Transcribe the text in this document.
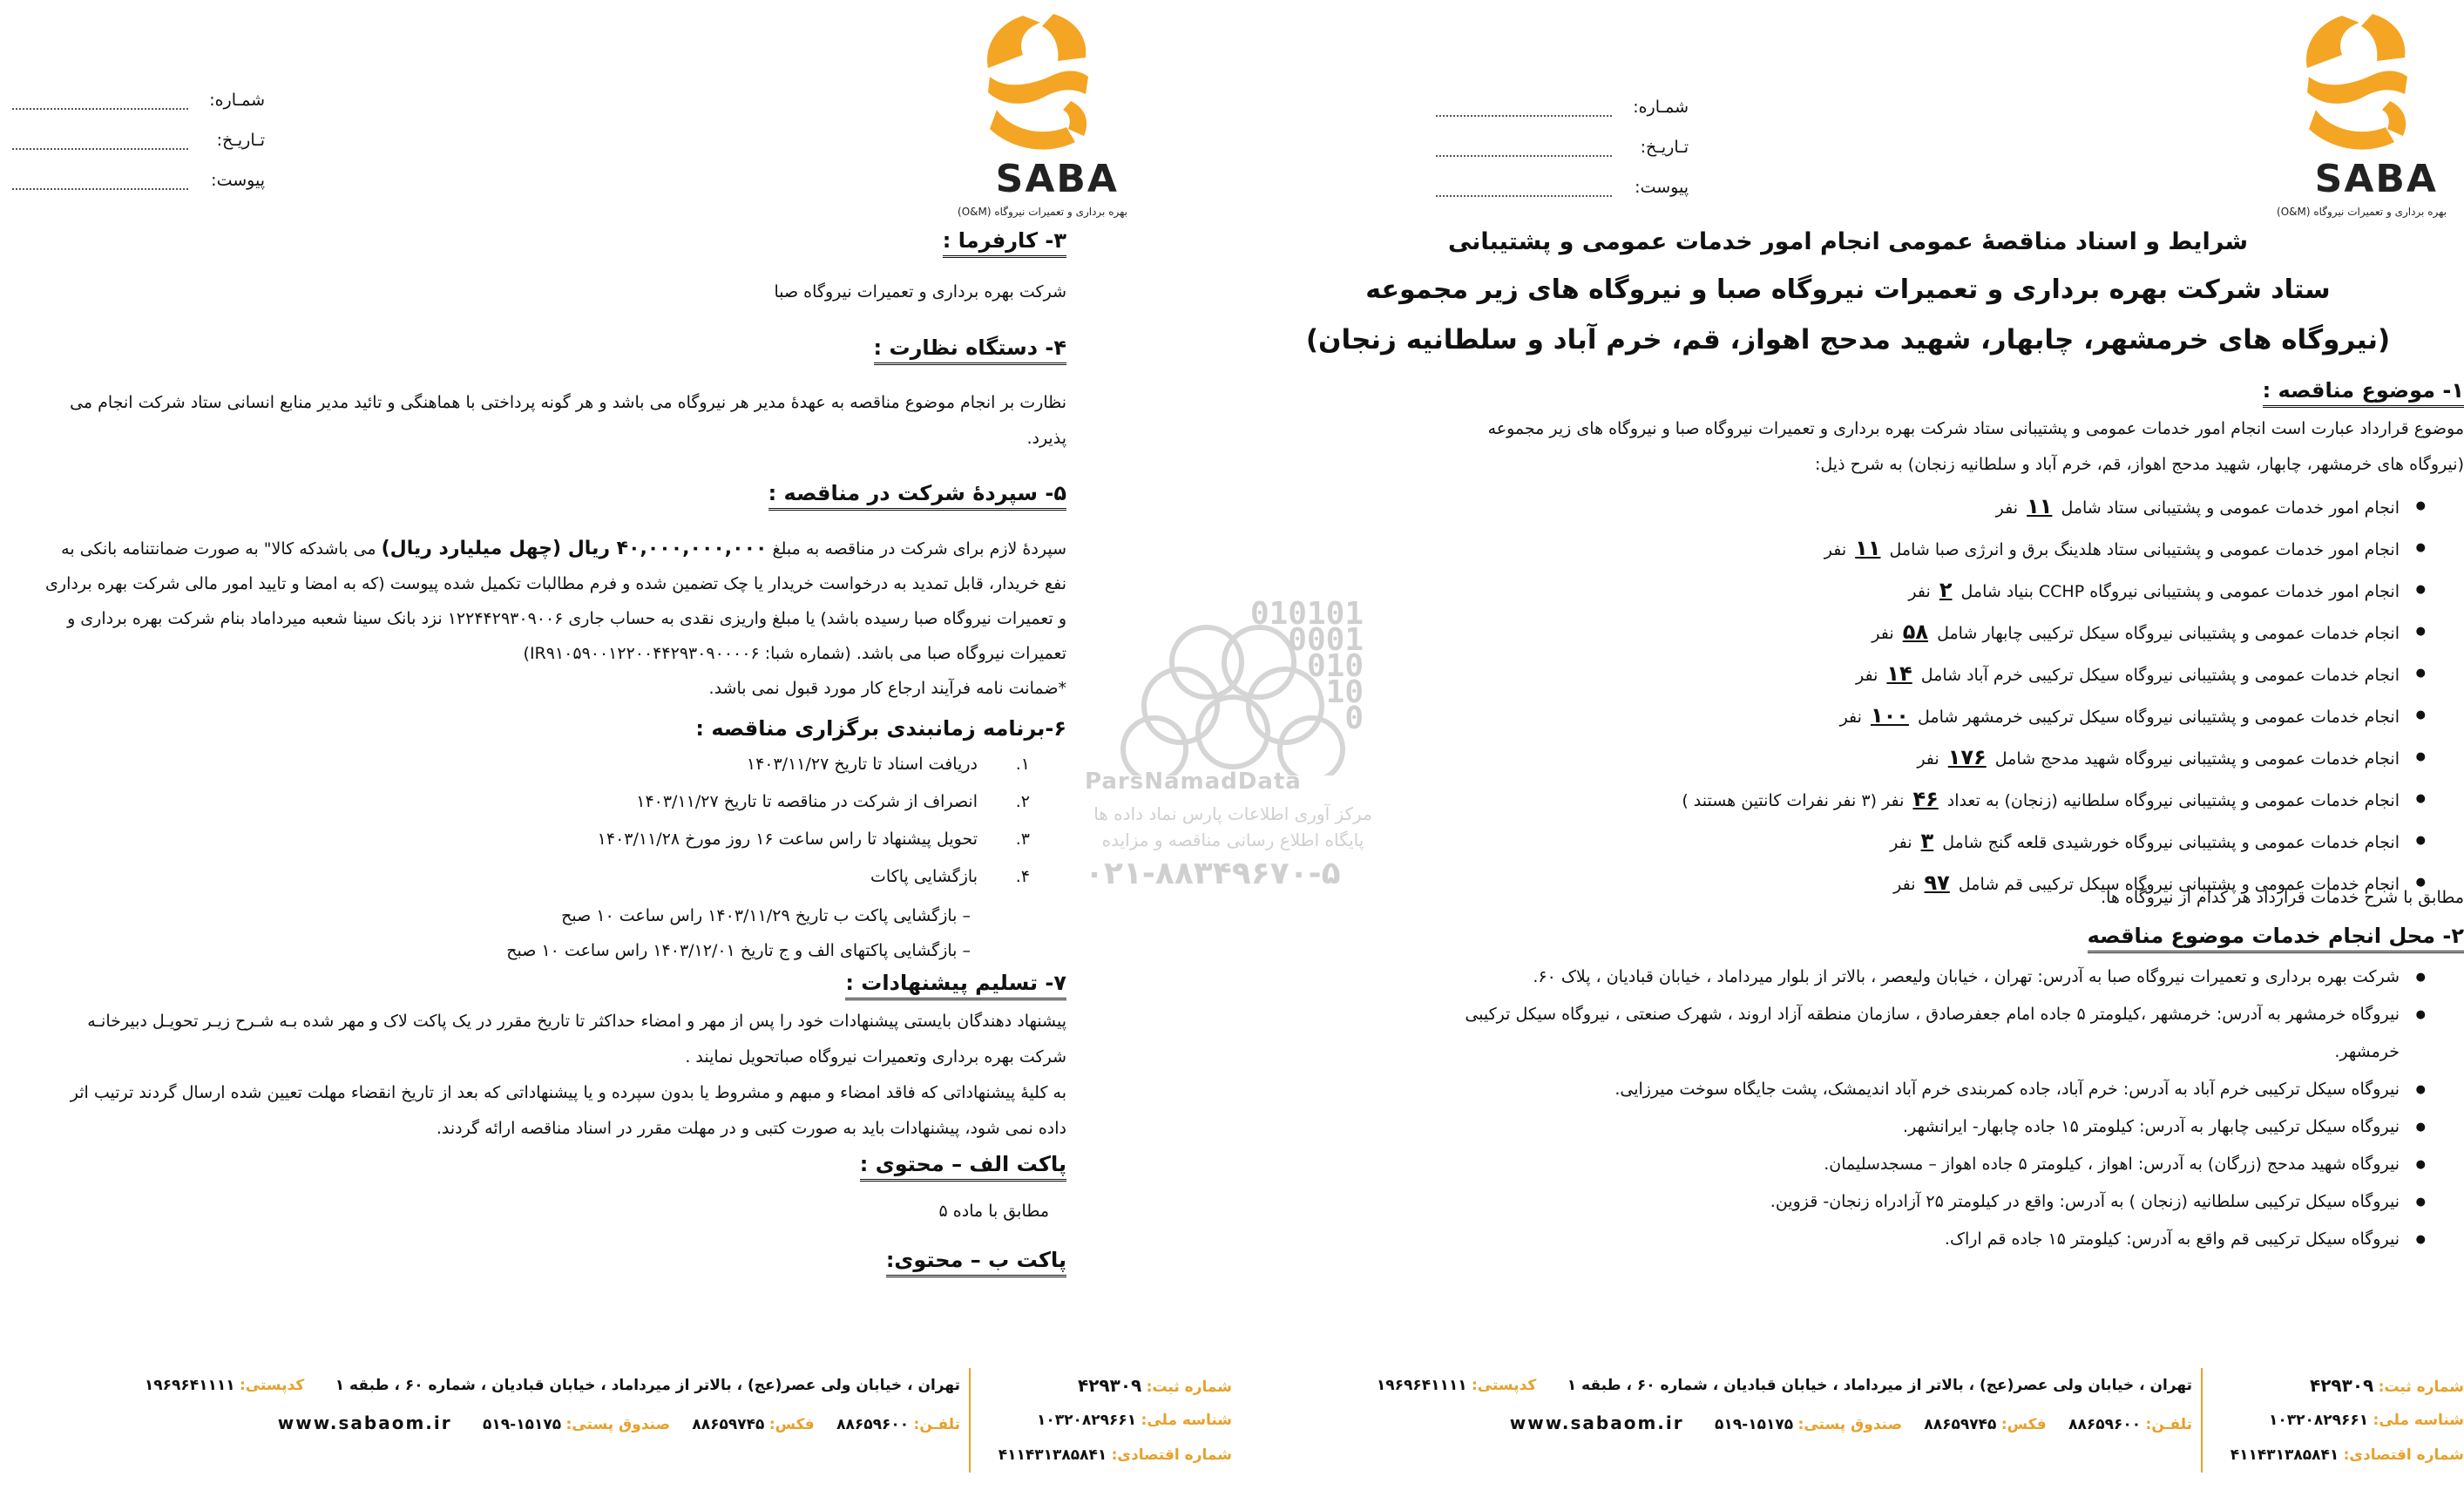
SABA
بهره برداری و تعمیرات نیروگاه (O&M)
شمـاره:
تـاریـخ:
پیوست:
شرایط و اسناد مناقصهٔ عمومی انجام امور خدمات عمومی و پشتیبانی
ستاد شرکت بهره برداری و تعمیرات نیروگاه صبا و نیروگاه های زیر مجموعه
(نیروگاه های خرمشهر، چابهار، شهید مدحج اهواز، قم، خرم آباد و سلطانیه زنجان)
۱- موضوع مناقصه :
موضوع قرارداد عبارت است انجام امور خدمات عمومی و پشتیبانی ستاد شرکت بهره برداری و تعمیرات نیروگاه صبا و نیروگاه های زیر مجموعه
(نیروگاه های خرمشهر، چابهار، شهید مدحج اهواز، قم، خرم آباد و سلطانیه زنجان) به شرح ذیل:
● انجام امور خدمات عمومی و پشتیبانی ستاد شامل ۱۱ نفر
● انجام امور خدمات عمومی و پشتیبانی ستاد هلدینگ برق و انرژی صبا شامل ۱۱ نفر
● انجام امور خدمات عمومی و پشتیبانی نیروگاه CCHP بنیاد شامل ۲ نفر
● انجام خدمات عمومی و پشتیبانی نیروگاه سیکل ترکیبی چابهار شامل ۵۸ نفر
● انجام خدمات عمومی و پشتیبانی نیروگاه سیکل ترکیبی خرم آباد شامل ۱۴ نفر
● انجام خدمات عمومی و پشتیبانی نیروگاه سیکل ترکیبی خرمشهر شامل ۱۰۰ نفر
● انجام خدمات عمومی و پشتیبانی نیروگاه شهید مدحج شامل ۱۷۶ نفر
● انجام خدمات عمومی و پشتیبانی نیروگاه سلطانیه (زنجان) به تعداد ۴۶ نفر (۳ نفر نفرات کانتین هستند )
● انجام خدمات عمومی و پشتیبانی نیروگاه خورشیدی قلعه گنج شامل ۳ نفر
● انجام خدمات عمومی و پشتیبانی نیروگاه سیکل ترکیبی قم شامل ۹۷ نفر
مطابق با شرح خدمات قرارداد هر کدام از نیروگاه ها.
۲- محل انجام خدمات موضوع مناقصه
● شرکت بهره برداری و تعمیرات نیروگاه صبا به آدرس: تهران ، خیابان ولیعصر ، بالاتر از بلوار میرداماد ، خیابان قبادیان ، پلاک ۶۰.
● نیروگاه خرمشهر به آدرس: خرمشهر ،کیلومتر ۵ جاده امام جعفرصادق ، سازمان منطقه آزاد اروند ، شهرک صنعتی ، نیروگاه سیکل ترکیبی
خرمشهر.
● نیروگاه سیکل ترکیبی خرم آباد به آدرس: خرم آباد، جاده کمربندی خرم آباد اندیمشک، پشت جایگاه سوخت میرزایی.
● نیروگاه سیکل ترکیبی چابهار به آدرس: کیلومتر ۱۵ جاده چابهار- ایرانشهر.
● نیروگاه شهید مدحج (زرگان) به آدرس: اهواز ، کیلومتر ۵ جاده اهواز – مسجدسلیمان.
● نیروگاه سیکل ترکیبی سلطانیه (زنجان ) به آدرس: واقع در کیلومتر ۲۵ آزادراه زنجان- قزوین.
● نیروگاه سیکل ترکیبی قم واقع به آدرس: کیلومتر ۱۵ جاده قم اراک.
SABA
بهره برداری و تعمیرات نیروگاه (O&M)
شمـاره:
تـاریـخ:
پیوست:
۳- کارفرما :
شرکت بهره برداری و تعمیرات نیروگاه صبا
۴- دستگاه نظارت :
نظارت بر انجام موضوع مناقصه به عهدهٔ مدیر هر نیروگاه می باشد و هر گونه پرداختی با هماهنگی و تائید مدیر منابع انسانی ستاد شرکت انجام می
پذیرد.
۵- سپردهٔ شرکت در مناقصه :
سپردهٔ لازم برای شرکت در مناقصه به مبلغ ۴۰,۰۰۰,۰۰۰,۰۰۰ ریال (چهل میلیارد ریال) می باشدکه کالا" به صورت ضمانتنامه بانکی به
نفع خریدار، قابل تمدید به درخواست خریدار یا چک تضمین شده و فرم مطالبات تکمیل شده پیوست (که به امضا و تایید امور مالی شرکت بهره برداری
و تعمیرات نیروگاه صبا رسیده باشد) یا مبلغ واریزی نقدی به حساب جاری ۱۲۲۴۴۲۹۳۰۹۰۰۶ نزد بانک سینا شعبه میرداماد بنام شرکت بهره برداری و
تعمیرات نیروگاه صبا می باشد. (شماره شبا: IR۹۱۰۵۹۰۰۱۲۲۰۰۴۴۲۹۳۰۹۰۰۰۰۶)
*ضمانت نامه فرآیند ارجاع کار مورد قبول نمی باشد.
۶-برنامه زمانبندی برگزاری مناقصه :
۱.دریافت اسناد تا تاریخ ۱۴۰۳/۱۱/۲۷
۲.انصراف از شرکت در مناقصه تا تاریخ ۱۴۰۳/۱۱/۲۷
۳.تحویل پیشنهاد تا راس ساعت ۱۶ روز مورخ ۱۴۰۳/۱۱/۲۸
۴.بازگشایی پاکات
– بازگشایی پاکت ب تاریخ ۱۴۰۳/۱۱/۲۹ راس ساعت ۱۰ صبح
– بازگشایی پاکتهای الف و ج تاریخ ۱۴۰۳/۱۲/۰۱ راس ساعت ۱۰ صبح
۷- تسلیم پیشنهادات :
پیشنهاد دهندگان بایستی پیشنهادات خود را پس از مهر و امضاء حداکثر تا تاریخ مقرر در یک پاکت لاک و مهر شده بـه شـرح زیـر تحویـل دبیرخانـه
شرکت بهره برداری وتعمیرات نیروگاه صباتحویل نمایند .
به کلیهٔ پیشنهاداتی که فاقد امضاء و مبهم و مشروط یا بدون سپرده و یا پیشنهاداتی که بعد از تاریخ انقضاء مهلت تعیین شده ارسال گردند ترتیب اثر
داده نمی شود، پیشنهادات باید به صورت کتبی و در مهلت مقرر در اسناد مناقصه ارائه گردند.
پاکت الف – محتوی :
مطابق با ماده ۵
پاکت ب – محتوی:
010101
0001
010
10
0
ParsNamadData
مرکز آوری اطلاعات پارس نماد داده ها
پایگاه اطلاع رسانی مناقصه و مزایده
۰۲۱-۸۸۳۴۹۶۷۰-۵
شماره ثبت: ۴۲۹۳۰۹
شناسه ملی: ۱۰۳۲۰۸۲۹۶۶۱
شماره اقتصادی: ۴۱۱۴۳۱۳۸۵۸۴۱
تهران ، خیابان ولی عصر(عج) ، بالاتر از میرداماد ، خیابان قبادیان ، شماره ۶۰ ، طبقه ۱ کدپستی: ۱۹۶۹۶۴۱۱۱۱
تلفـن: ۸۸۶۵۹۶۰۰ فکس: ۸۸۶۵۹۷۴۵ صندوق پستی: ۱۵۱۷۵-۵۱۹ www.sabaom.ir
شماره ثبت: ۴۲۹۳۰۹
شناسه ملی: ۱۰۳۲۰۸۲۹۶۶۱
شماره اقتصادی: ۴۱۱۴۳۱۳۸۵۸۴۱
تهران ، خیابان ولی عصر(عج) ، بالاتر از میرداماد ، خیابان قبادیان ، شماره ۶۰ ، طبقه ۱ کدپستی: ۱۹۶۹۶۴۱۱۱۱
تلفـن: ۸۸۶۵۹۶۰۰ فکس: ۸۸۶۵۹۷۴۵ صندوق پستی: ۱۵۱۷۵-۵۱۹ www.sabaom.ir
